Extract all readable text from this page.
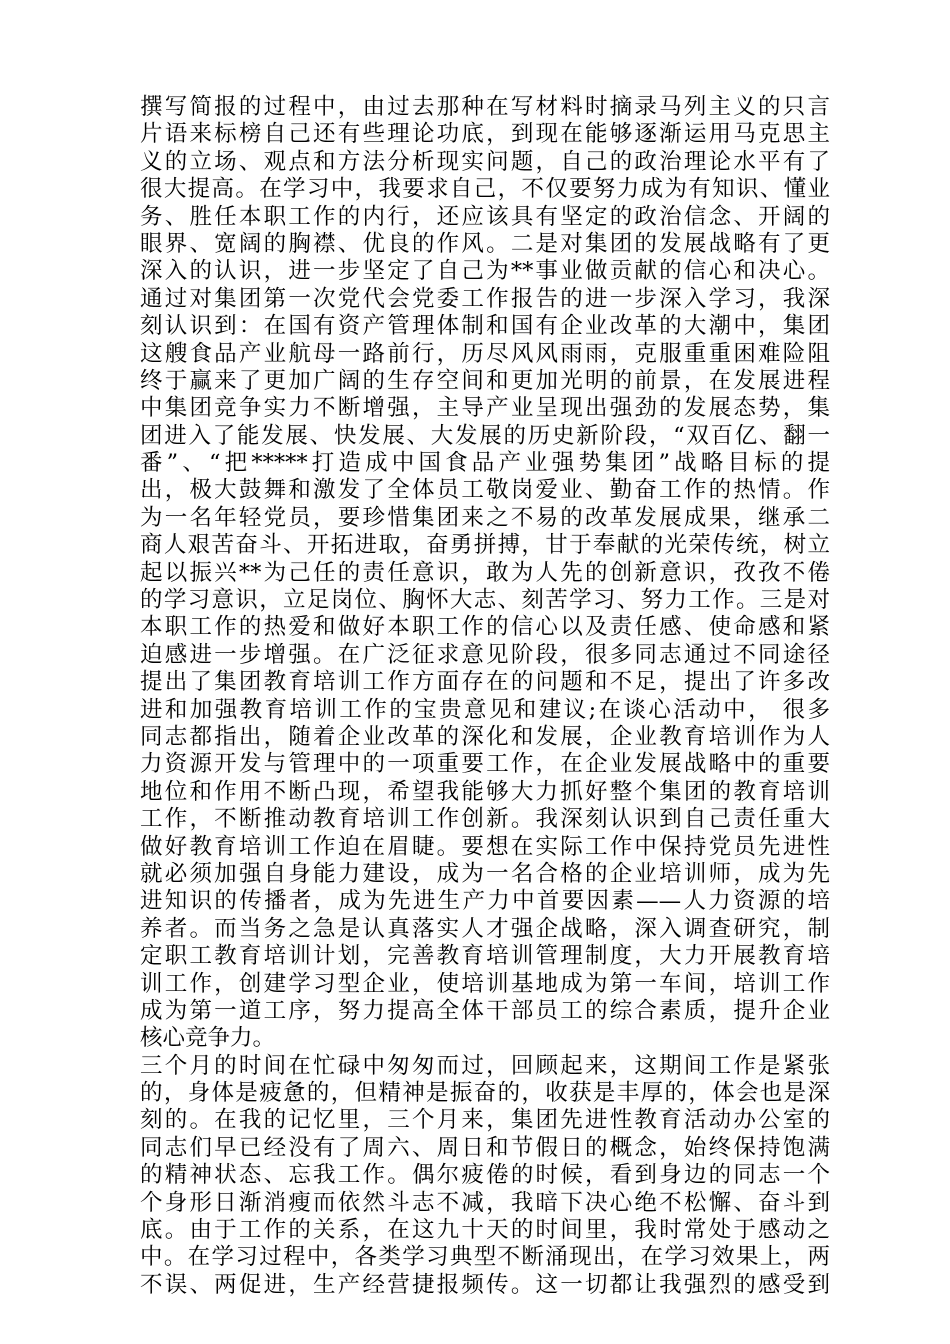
撰写简报的过程中，由过去那种在写材料时摘录马列主义的只言
片语来标榜自己还有些理论功底，到现在能够逐渐运用马克思主
义的立场、观点和方法分析现实问题，自己的政治理论水平有了
很大提高。在学习中，我要求自己，不仅要努力成为有知识、懂业
务、胜任本职工作的内行，还应该具有坚定的政治信念、开阔的
眼界、宽阔的胸襟、优良的作风。二是对集团的发展战略有了更
深入的认识，进一步坚定了自己为**事业做贡献的信心和决心。
通过对集团第一次党代会党委工作报告的进一步深入学习，我深
刻认识到：在国有资产管理体制和国有企业改革的大潮中，集团
这艘食品产业航母一路前行，历尽风风雨雨，克服重重困难险阻
终于赢来了更加广阔的生存空间和更加光明的前景，在发展进程
中集团竞争实力不断增强，主导产业呈现出强劲的发展态势，集
团进入了能发展、快发展、大发展的历史新阶段，“双百亿、翻一
番”、“把*****打造成中国食品产业强势集团”战略目标的提
出，极大鼓舞和激发了全体员工敬岗爱业、勤奋工作的热情。作
为一名年轻党员，要珍惜集团来之不易的改革发展成果，继承二
商人艰苦奋斗、开拓进取，奋勇拼搏，甘于奉献的光荣传统，树立
起以振兴**为己任的责任意识，敢为人先的创新意识，孜孜不倦
的学习意识，立足岗位、胸怀大志、刻苦学习、努力工作。三是对
本职工作的热爱和做好本职工作的信心以及责任感、使命感和紧
迫感进一步增强。在广泛征求意见阶段，很多同志通过不同途径
提出了集团教育培训工作方面存在的问题和不足，提出了许多改
进和加强教育培训工作的宝贵意见和建议;在谈心活动中， 很多
同志都指出，随着企业改革的深化和发展，企业教育培训作为人
力资源开发与管理中的一项重要工作，在企业发展战略中的重要
地位和作用不断凸现，希望我能够大力抓好整个集团的教育培训
工作，不断推动教育培训工作创新。我深刻认识到自己责任重大
做好教育培训工作迫在眉睫。要想在实际工作中保持党员先进性
就必须加强自身能力建设，成为一名合格的企业培训师，成为先
进知识的传播者，成为先进生产力中首要因素——人力资源的培
养者。而当务之急是认真落实人才强企战略，深入调查研究，制
定职工教育培训计划，完善教育培训管理制度，大力开展教育培
训工作，创建学习型企业，使培训基地成为第一车间，培训工作
成为第一道工序，努力提高全体干部员工的综合素质，提升企业
核心竞争力。
三个月的时间在忙碌中匆匆而过，回顾起来，这期间工作是紧张
的，身体是疲惫的，但精神是振奋的，收获是丰厚的，体会也是深
刻的。在我的记忆里，三个月来，集团先进性教育活动办公室的
同志们早已经没有了周六、周日和节假日的概念，始终保持饱满
的精神状态、忘我工作。偶尔疲倦的时候，看到身边的同志一个
个身形日渐消瘦而依然斗志不减，我暗下决心绝不松懈、奋斗到
底。由于工作的关系，在这九十天的时间里，我时常处于感动之
中。在学习过程中，各类学习典型不断涌现出，在学习效果上，两
不误、两促进，生产经营捷报频传。这一切都让我强烈的感受到
